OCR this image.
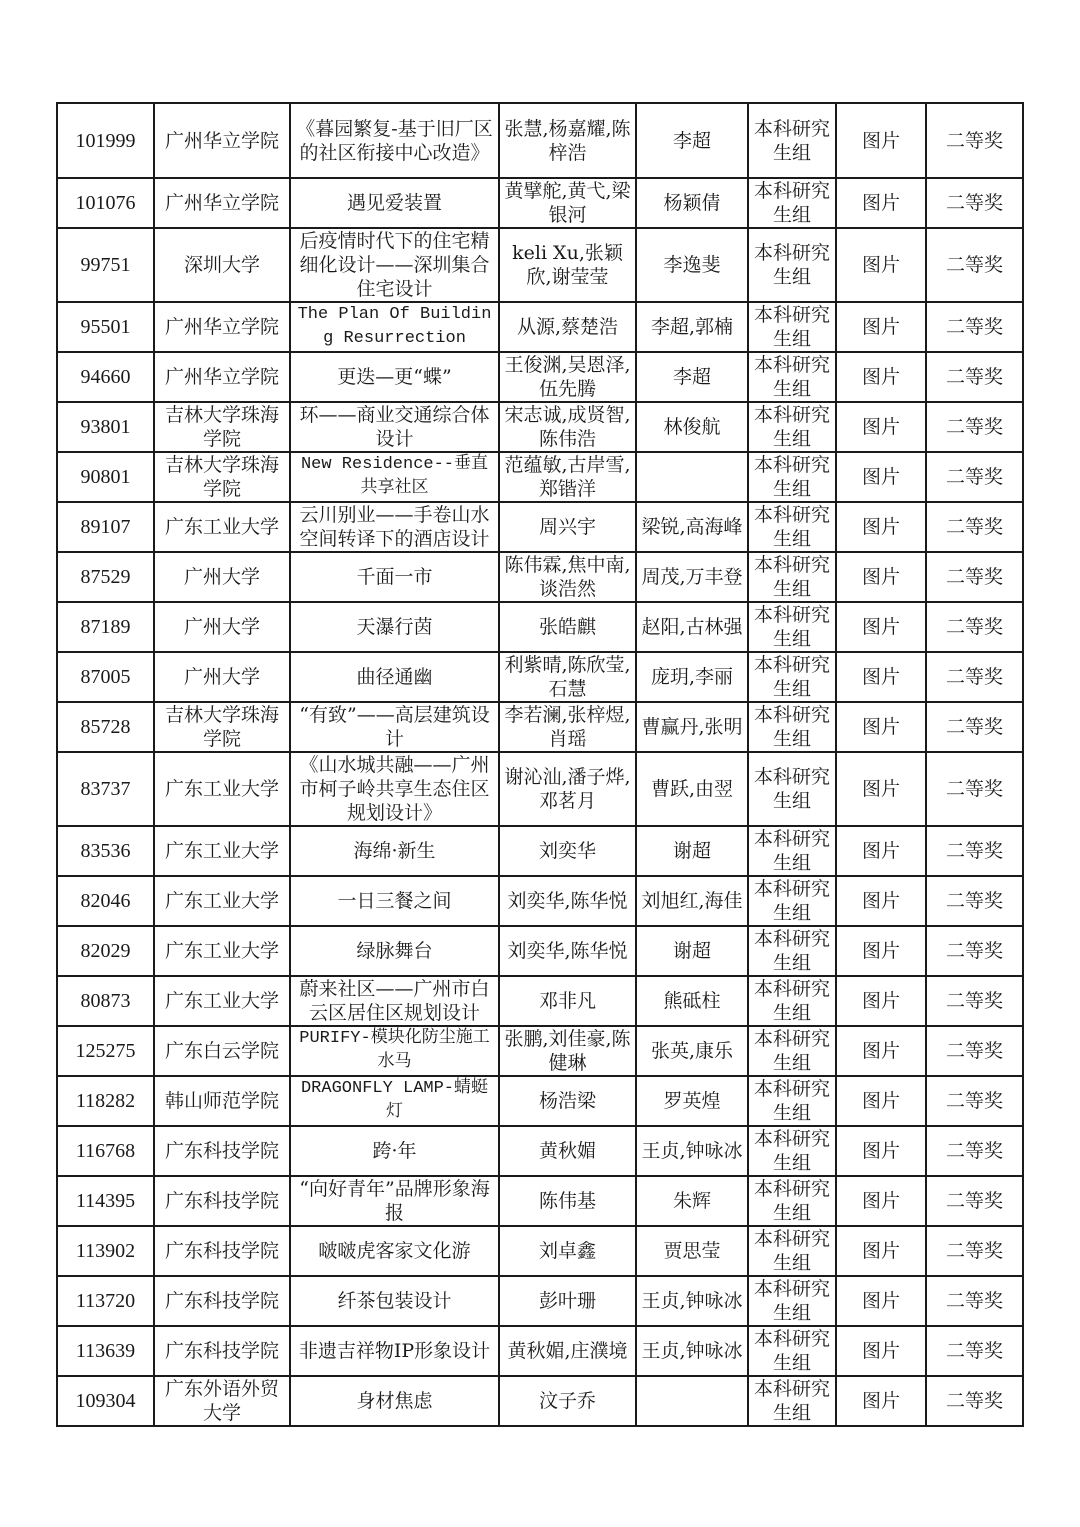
101999	广州华立学院	《暮园繁复-基于旧厂区的社区衔接中心改造》	张慧,杨嘉耀,陈梓浩	李超	本科研究生组	图片	二等奖
101076	广州华立学院	遇见爱装置	黄擘舵,黄弋,梁银河	杨颖倩	本科研究生组	图片	二等奖
99751	深圳大学	后疫情时代下的住宅精细化设计——深圳集合住宅设计	keli Xu,张颖欣,谢莹莹	李逸斐	本科研究生组	图片	二等奖
95501	广州华立学院	The Plan Of Building Resurrection	从源,蔡楚浩	李超,郭楠	本科研究生组	图片	二等奖
94660	广州华立学院	更迭—更“蝶”	王俊渊,吴恩泽,伍先腾	李超	本科研究生组	图片	二等奖
93801	吉林大学珠海学院	环——商业交通综合体设计	宋志诚,成贤智,陈伟浩	林俊航	本科研究生组	图片	二等奖
90801	吉林大学珠海学院	New Residence--垂直共享社区	范蕴敏,古岸雪,郑锴洋		本科研究生组	图片	二等奖
89107	广东工业大学	云川别业——手卷山水空间转译下的酒店设计	周兴宇	梁锐,高海峰	本科研究生组	图片	二等奖
87529	广州大学	千面一市	陈伟霖,焦中南,谈浩然	周茂,万丰登	本科研究生组	图片	二等奖
87189	广州大学	天瀑行茵	张皓麒	赵阳,古林强	本科研究生组	图片	二等奖
87005	广州大学	曲径通幽	利紫晴,陈欣莹,石慧	庞玥,李丽	本科研究生组	图片	二等奖
85728	吉林大学珠海学院	“有致”——高层建筑设计	李若澜,张梓煜,肖瑶	曹赢丹,张明	本科研究生组	图片	二等奖
83737	广东工业大学	《山水城共融——广州市柯子岭共享生态住区规划设计》	谢沁汕,潘子烨,邓茗月	曹跃,由翌	本科研究生组	图片	二等奖
83536	广东工业大学	海绵·新生	刘奕华	谢超	本科研究生组	图片	二等奖
82046	广东工业大学	一日三餐之间	刘奕华,陈华悦	刘旭红,海佳	本科研究生组	图片	二等奖
82029	广东工业大学	绿脉舞台	刘奕华,陈华悦	谢超	本科研究生组	图片	二等奖
80873	广东工业大学	蔚来社区——广州市白云区居住区规划设计	邓非凡	熊砥柱	本科研究生组	图片	二等奖
125275	广东白云学院	PURIFY-模块化防尘施工水马	张鹏,刘佳豪,陈健琳	张英,康乐	本科研究生组	图片	二等奖
118282	韩山师范学院	DRAGONFLY LAMP-蜻蜓灯	杨浩梁	罗英煌	本科研究生组	图片	二等奖
116768	广东科技学院	跨·年	黄秋媚	王贞,钟咏冰	本科研究生组	图片	二等奖
114395	广东科技学院	“向好青年”品牌形象海报	陈伟基	朱辉	本科研究生组	图片	二等奖
113902	广东科技学院	啵啵虎客家文化游	刘卓鑫	贾思莹	本科研究生组	图片	二等奖
113720	广东科技学院	纤茶包装设计	彭叶珊	王贞,钟咏冰	本科研究生组	图片	二等奖
113639	广东科技学院	非遗吉祥物IP形象设计	黄秋媚,庄濮境	王贞,钟咏冰	本科研究生组	图片	二等奖
109304	广东外语外贸大学	身材焦虑	汶子乔		本科研究生组	图片	二等奖
